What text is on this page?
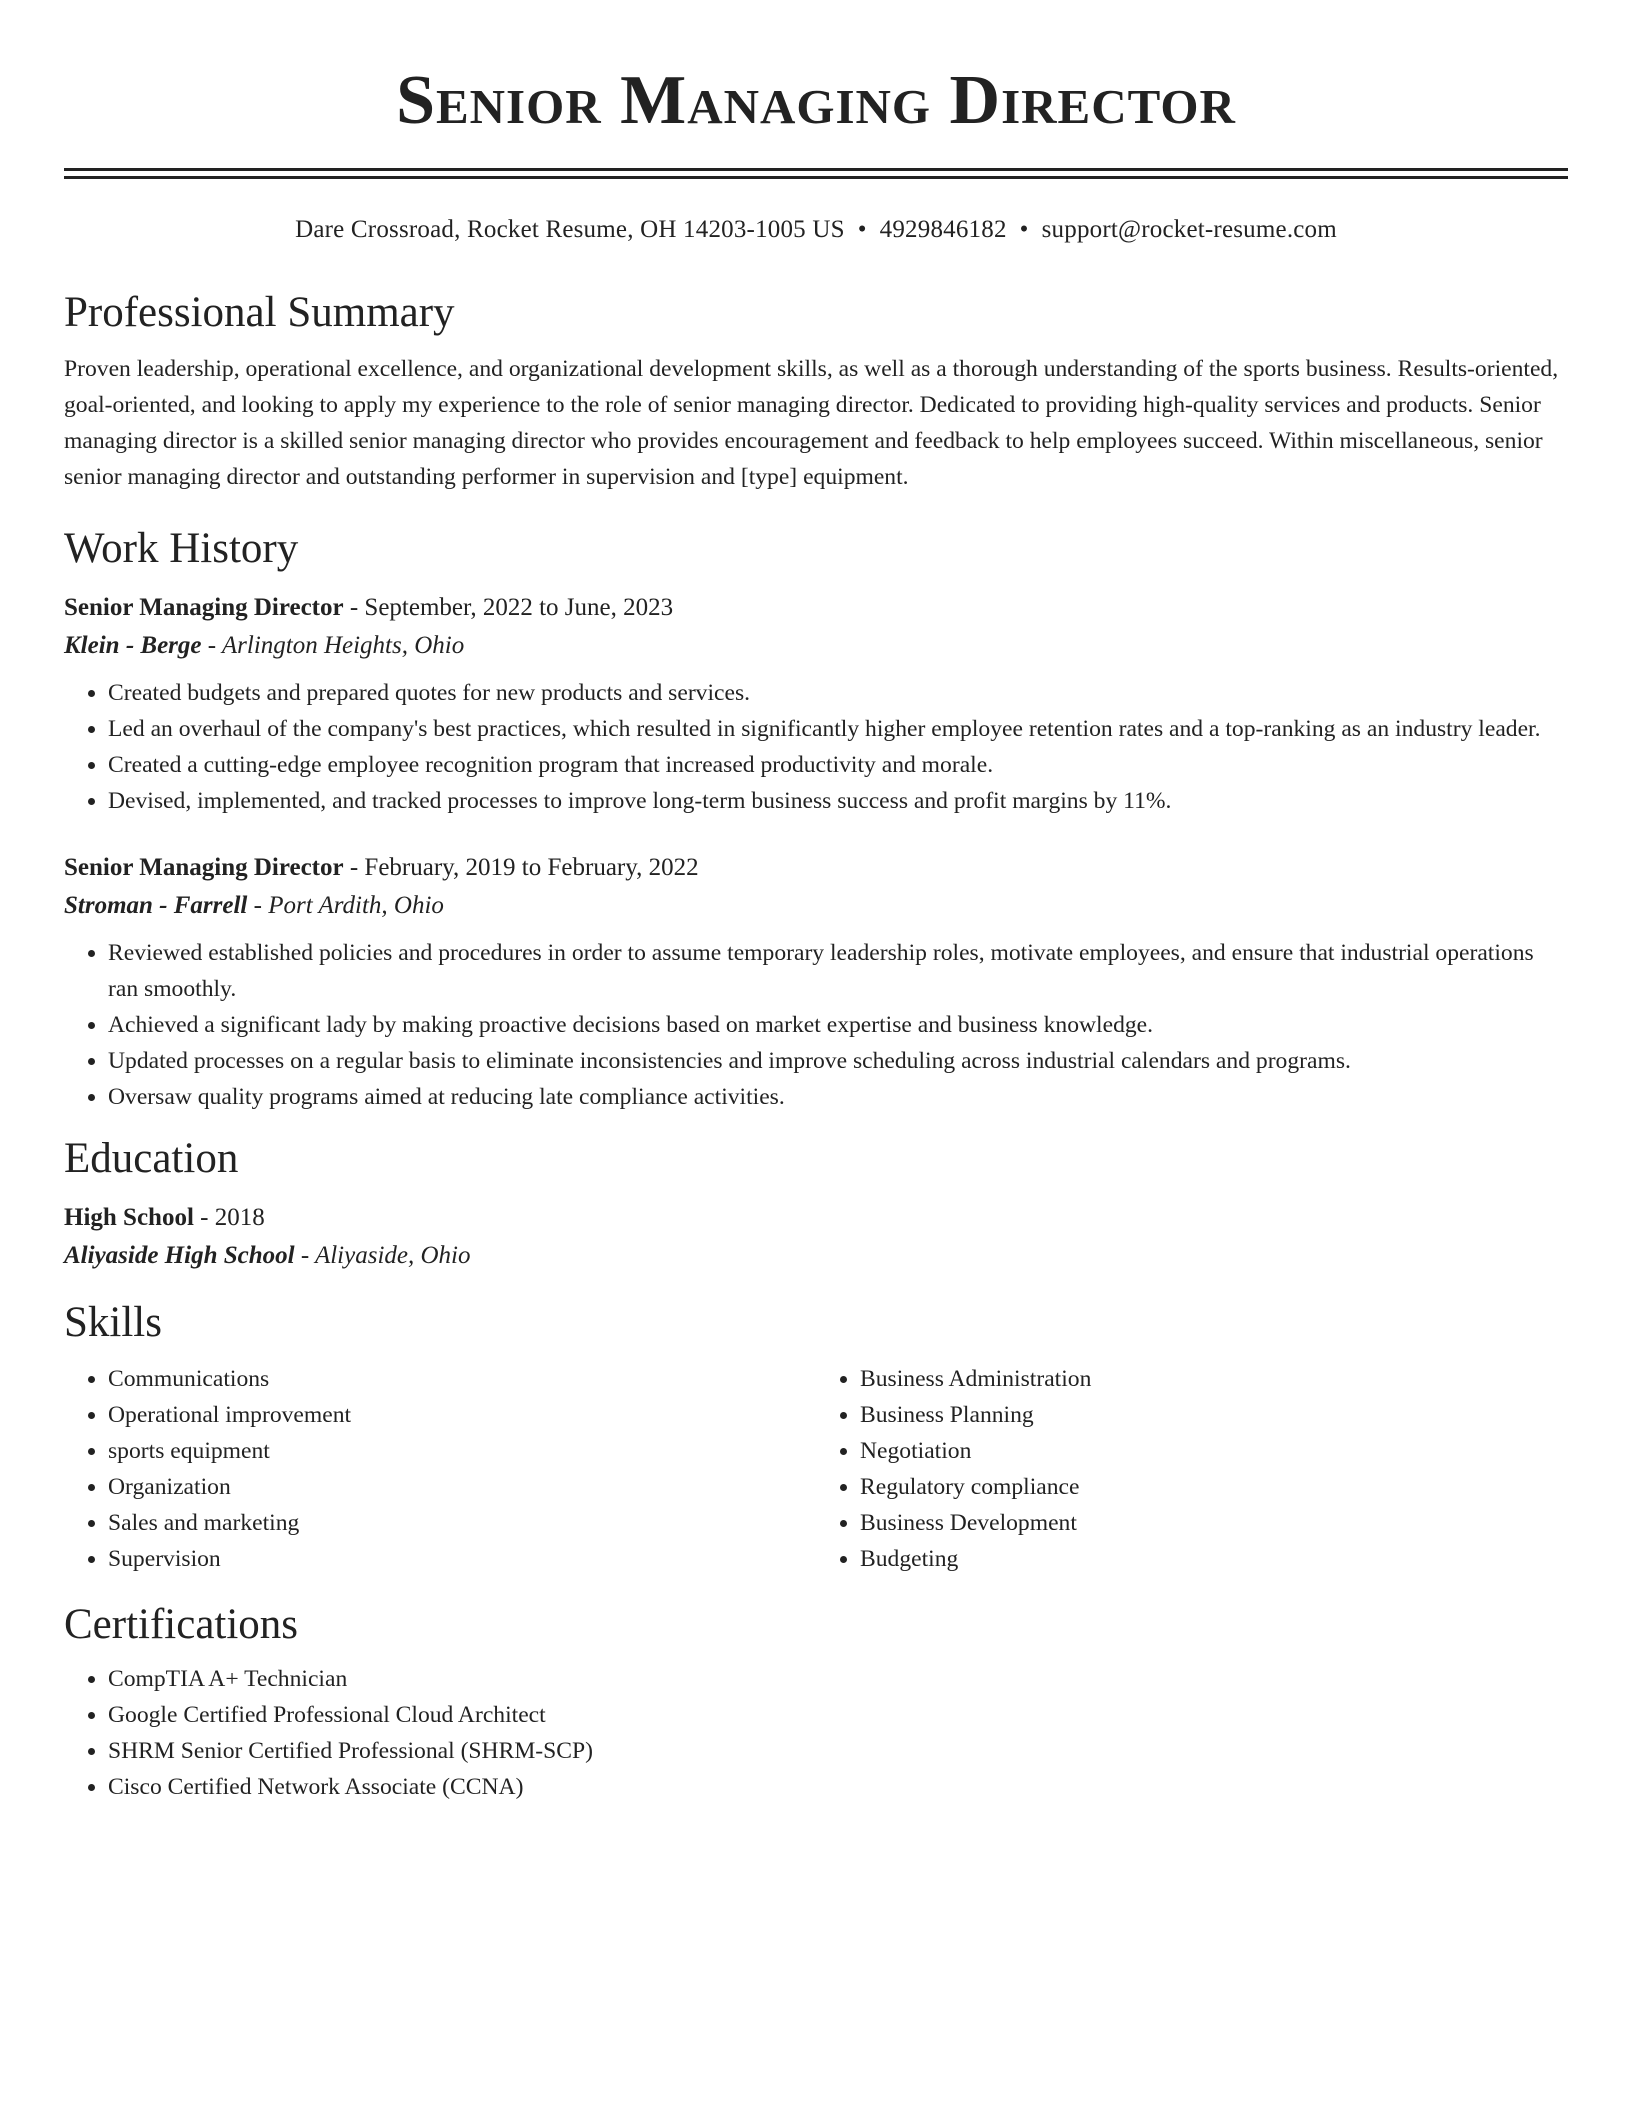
Senior Managing Director
Dare Crossroad, Rocket Resume, OH 14203-1005 US • 4929846182 • support@rocket-resume.com
Professional Summary

Proven leadership, operational excellence, and organizational development skills, as well as a thorough understanding of the sports business. Results-oriented, goal-oriented, and looking to apply my experience to the role of senior managing director. Dedicated to providing high-quality services and products. Senior managing director is a skilled senior managing director who provides encouragement and feedback to help employees succeed. Within miscellaneous, senior senior managing director and outstanding performer in supervision and [type] equipment.

Work History
Senior Managing Director - September, 2022 to June, 2023
Klein - Berge - Arlington Heights, Ohio
• Created budgets and prepared quotes for new products and services.
• Led an overhaul of the company's best practices, which resulted in significantly higher employee retention rates and a top-ranking as an industry leader.
• Created a cutting-edge employee recognition program that increased productivity and morale.
• Devised, implemented, and tracked processes to improve long-term business success and profit margins by 11%.
Senior Managing Director - February, 2019 to February, 2022
Stroman - Farrell - Port Ardith, Ohio
• Reviewed established policies and procedures in order to assume temporary leadership roles, motivate employees, and ensure that industrial operations ran smoothly.
• Achieved a significant lady by making proactive decisions based on market expertise and business knowledge.
• Updated processes on a regular basis to eliminate inconsistencies and improve scheduling across industrial calendars and programs.
• Oversaw quality programs aimed at reducing late compliance activities.
Education
High School - 2018
Aliyaside High School - Aliyaside, Ohio
Skills
• Communications
• Operational improvement
• sports equipment
• Organization
• Sales and marketing
• Supervision
• Business Administration
• Business Planning
• Negotiation
• Regulatory compliance
• Business Development
• Budgeting
Certifications
• CompTIA A+ Technician
• Google Certified Professional Cloud Architect
• SHRM Senior Certified Professional (SHRM-SCP)
• Cisco Certified Network Associate (CCNA)
